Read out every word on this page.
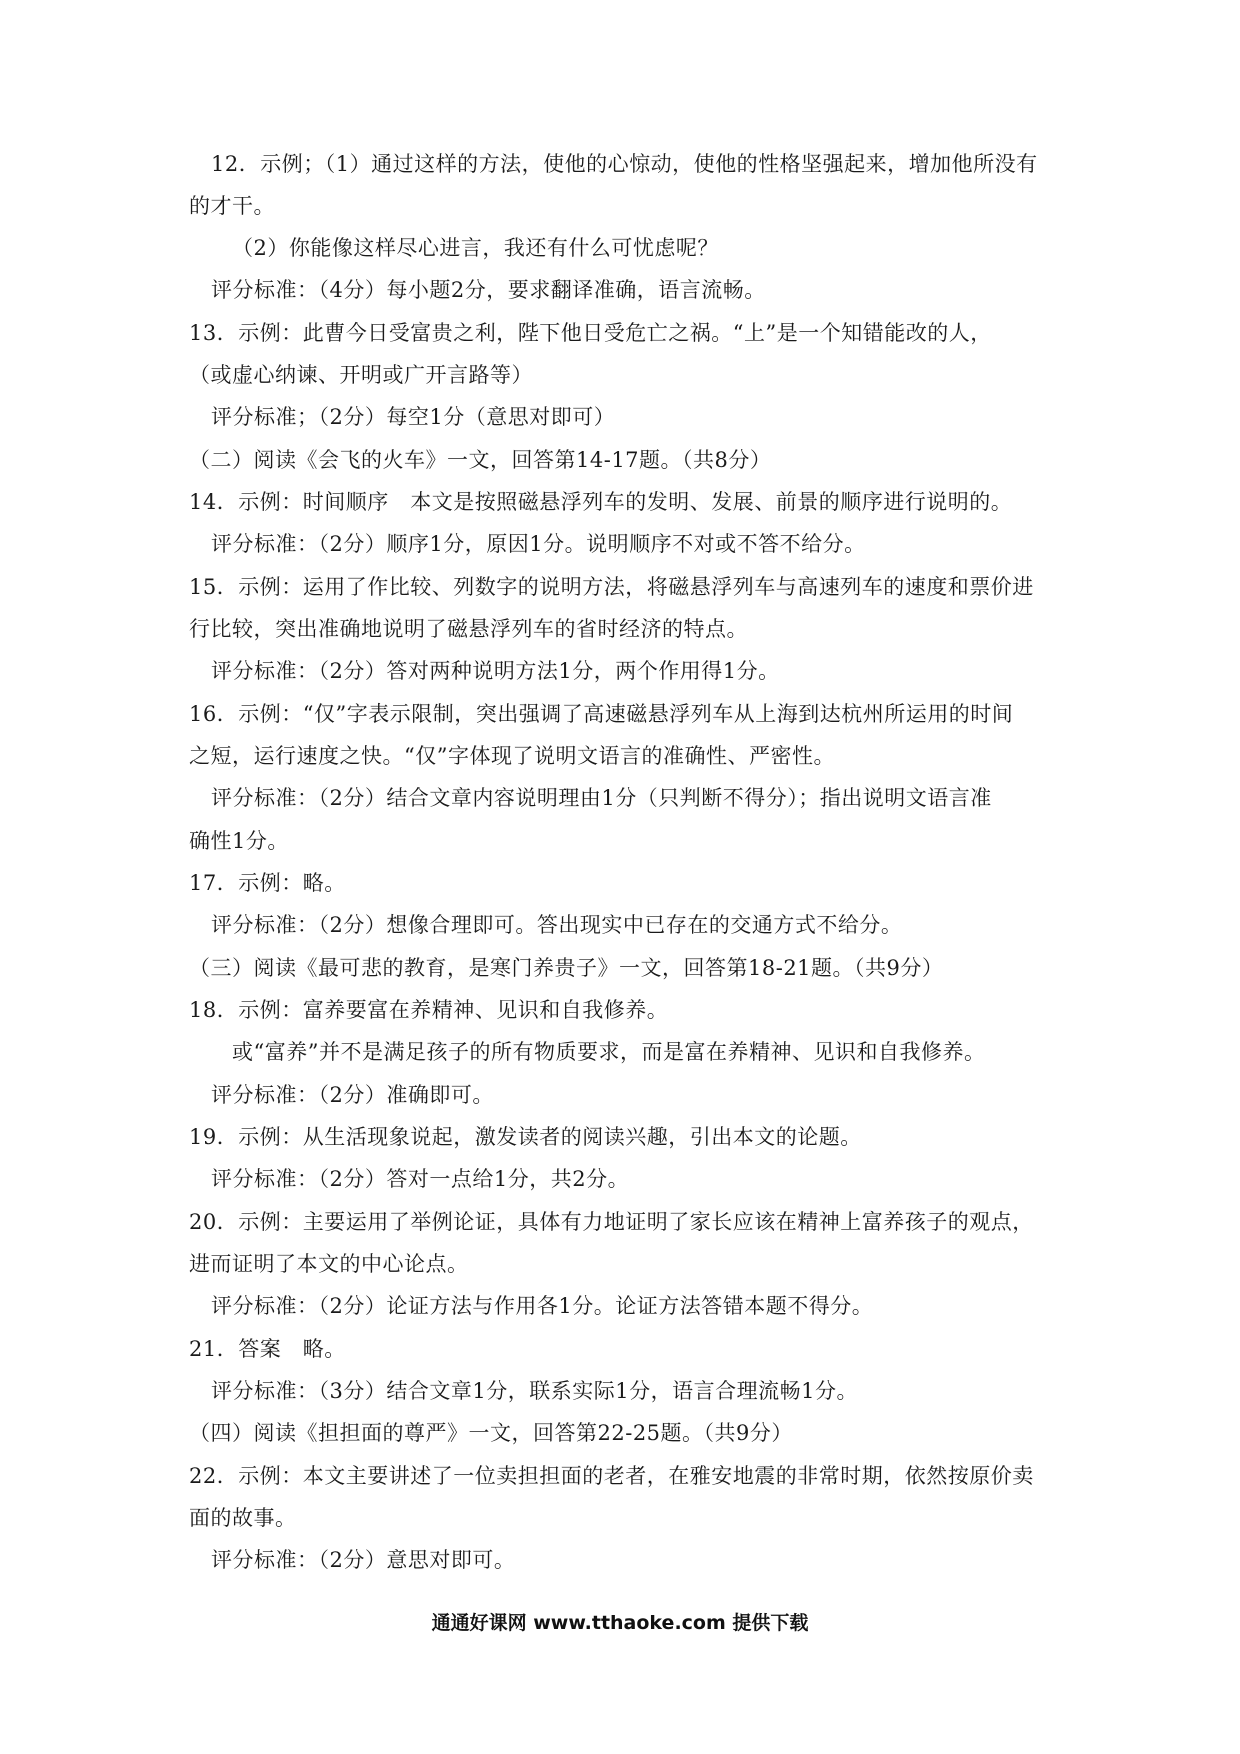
12．示例；（1）通过这样的方法，使他的心惊动，使他的性格坚强起来，增加他所没有
的才干。
（2）你能像这样尽心进言，我还有什么可忧虑呢？
评分标准：（4分）每小题2分，要求翻译准确，语言流畅。
13．示例：此曹今日受富贵之利，陛下他日受危亡之祸。“上”是一个知错能改的人，
（或虚心纳谏、开明或广开言路等）
评分标准；（2分）每空1分（意思对即可）
（二）阅读《会飞的火车》一文，回答第14-17题。（共8分）
14．示例：时间顺序　本文是按照磁悬浮列车的发明、发展、前景的顺序进行说明的。
评分标准：（2分）顺序1分，原因1分。说明顺序不对或不答不给分。
15．示例：运用了作比较、列数字的说明方法，将磁悬浮列车与高速列车的速度和票价进
行比较，突出准确地说明了磁悬浮列车的省时经济的特点。
评分标准：（2分）答对两种说明方法1分，两个作用得1分。
16．示例：“仅”字表示限制，突出强调了高速磁悬浮列车从上海到达杭州所运用的时间
之短，运行速度之快。“仅”字体现了说明文语言的准确性、严密性。
评分标准：（2分）结合文章内容说明理由1分（只判断不得分）；指出说明文语言准
确性1分。
17．示例：略。
评分标准：（2分）想像合理即可。答出现实中已存在的交通方式不给分。
（三）阅读《最可悲的教育，是寒门养贵子》一文，回答第18-21题。（共9分）
18．示例：富养要富在养精神、见识和自我修养。
或“富养”并不是满足孩子的所有物质要求，而是富在养精神、见识和自我修养。
评分标准：（2分）准确即可。
19．示例：从生活现象说起，激发读者的阅读兴趣，引出本文的论题。
评分标准：（2分）答对一点给1分，共2分。
20．示例：主要运用了举例论证，具体有力地证明了家长应该在精神上富养孩子的观点，
进而证明了本文的中心论点。
评分标准：（2分）论证方法与作用各1分。论证方法答错本题不得分。
21．答案　略。
评分标准：（3分）结合文章1分，联系实际1分，语言合理流畅1分。
（四）阅读《担担面的尊严》一文，回答第22-25题。（共9分）
22．示例：本文主要讲述了一位卖担担面的老者，在雅安地震的非常时期，依然按原价卖
面的故事。
评分标准：（2分）意思对即可。
通通好课网 www.tthaoke.com 提供下载
